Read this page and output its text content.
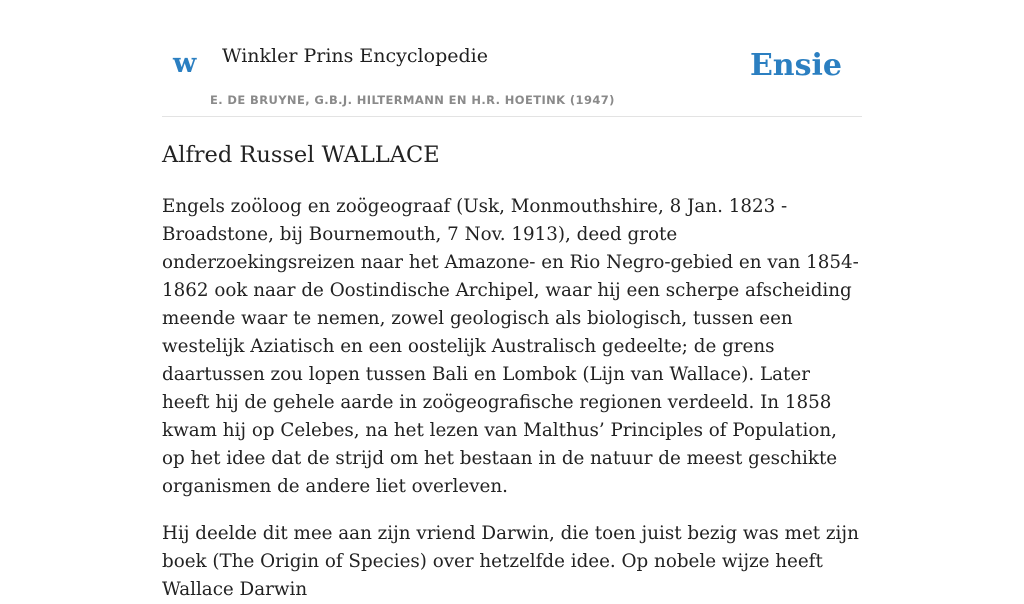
w Winkler Prins Encyclopedie
E. DE BRUYNE, G.B.J. HILTERMANN EN H.R. HOETINK (1947)
Ensie
Alfred Russel WALLACE

Engels zoöloog en zoögeograaf (Usk, Monmouthshire, 8 Jan. 1823 - Broadstone, bij Bournemouth, 7 Nov. 1913), deed grote onderzoekingsreizen naar het Amazone- en Rio Negro-gebied en van 1854-1862 ook naar de Oostindische Archipel, waar hij een scherpe afscheiding meende waar te nemen, zowel geologisch als biologisch, tussen een westelijk Aziatisch en een oostelijk Australisch gedeelte; de grens daartussen zou lopen tussen Bali en Lombok (Lijn van Wallace). Later heeft hij de gehele aarde in zoögeografische regionen verdeeld. In 1858 kwam hij op Celebes, na het lezen van Malthus’ Principles of Population, op het idee dat de strijd om het bestaan in de natuur de meest geschikte organismen de andere liet overleven.

Hij deelde dit mee aan zijn vriend Darwin, die toen juist bezig was met zijn boek (The Origin of Species) over hetzelfde idee. Op nobele wijze heeft Wallace Darwin
